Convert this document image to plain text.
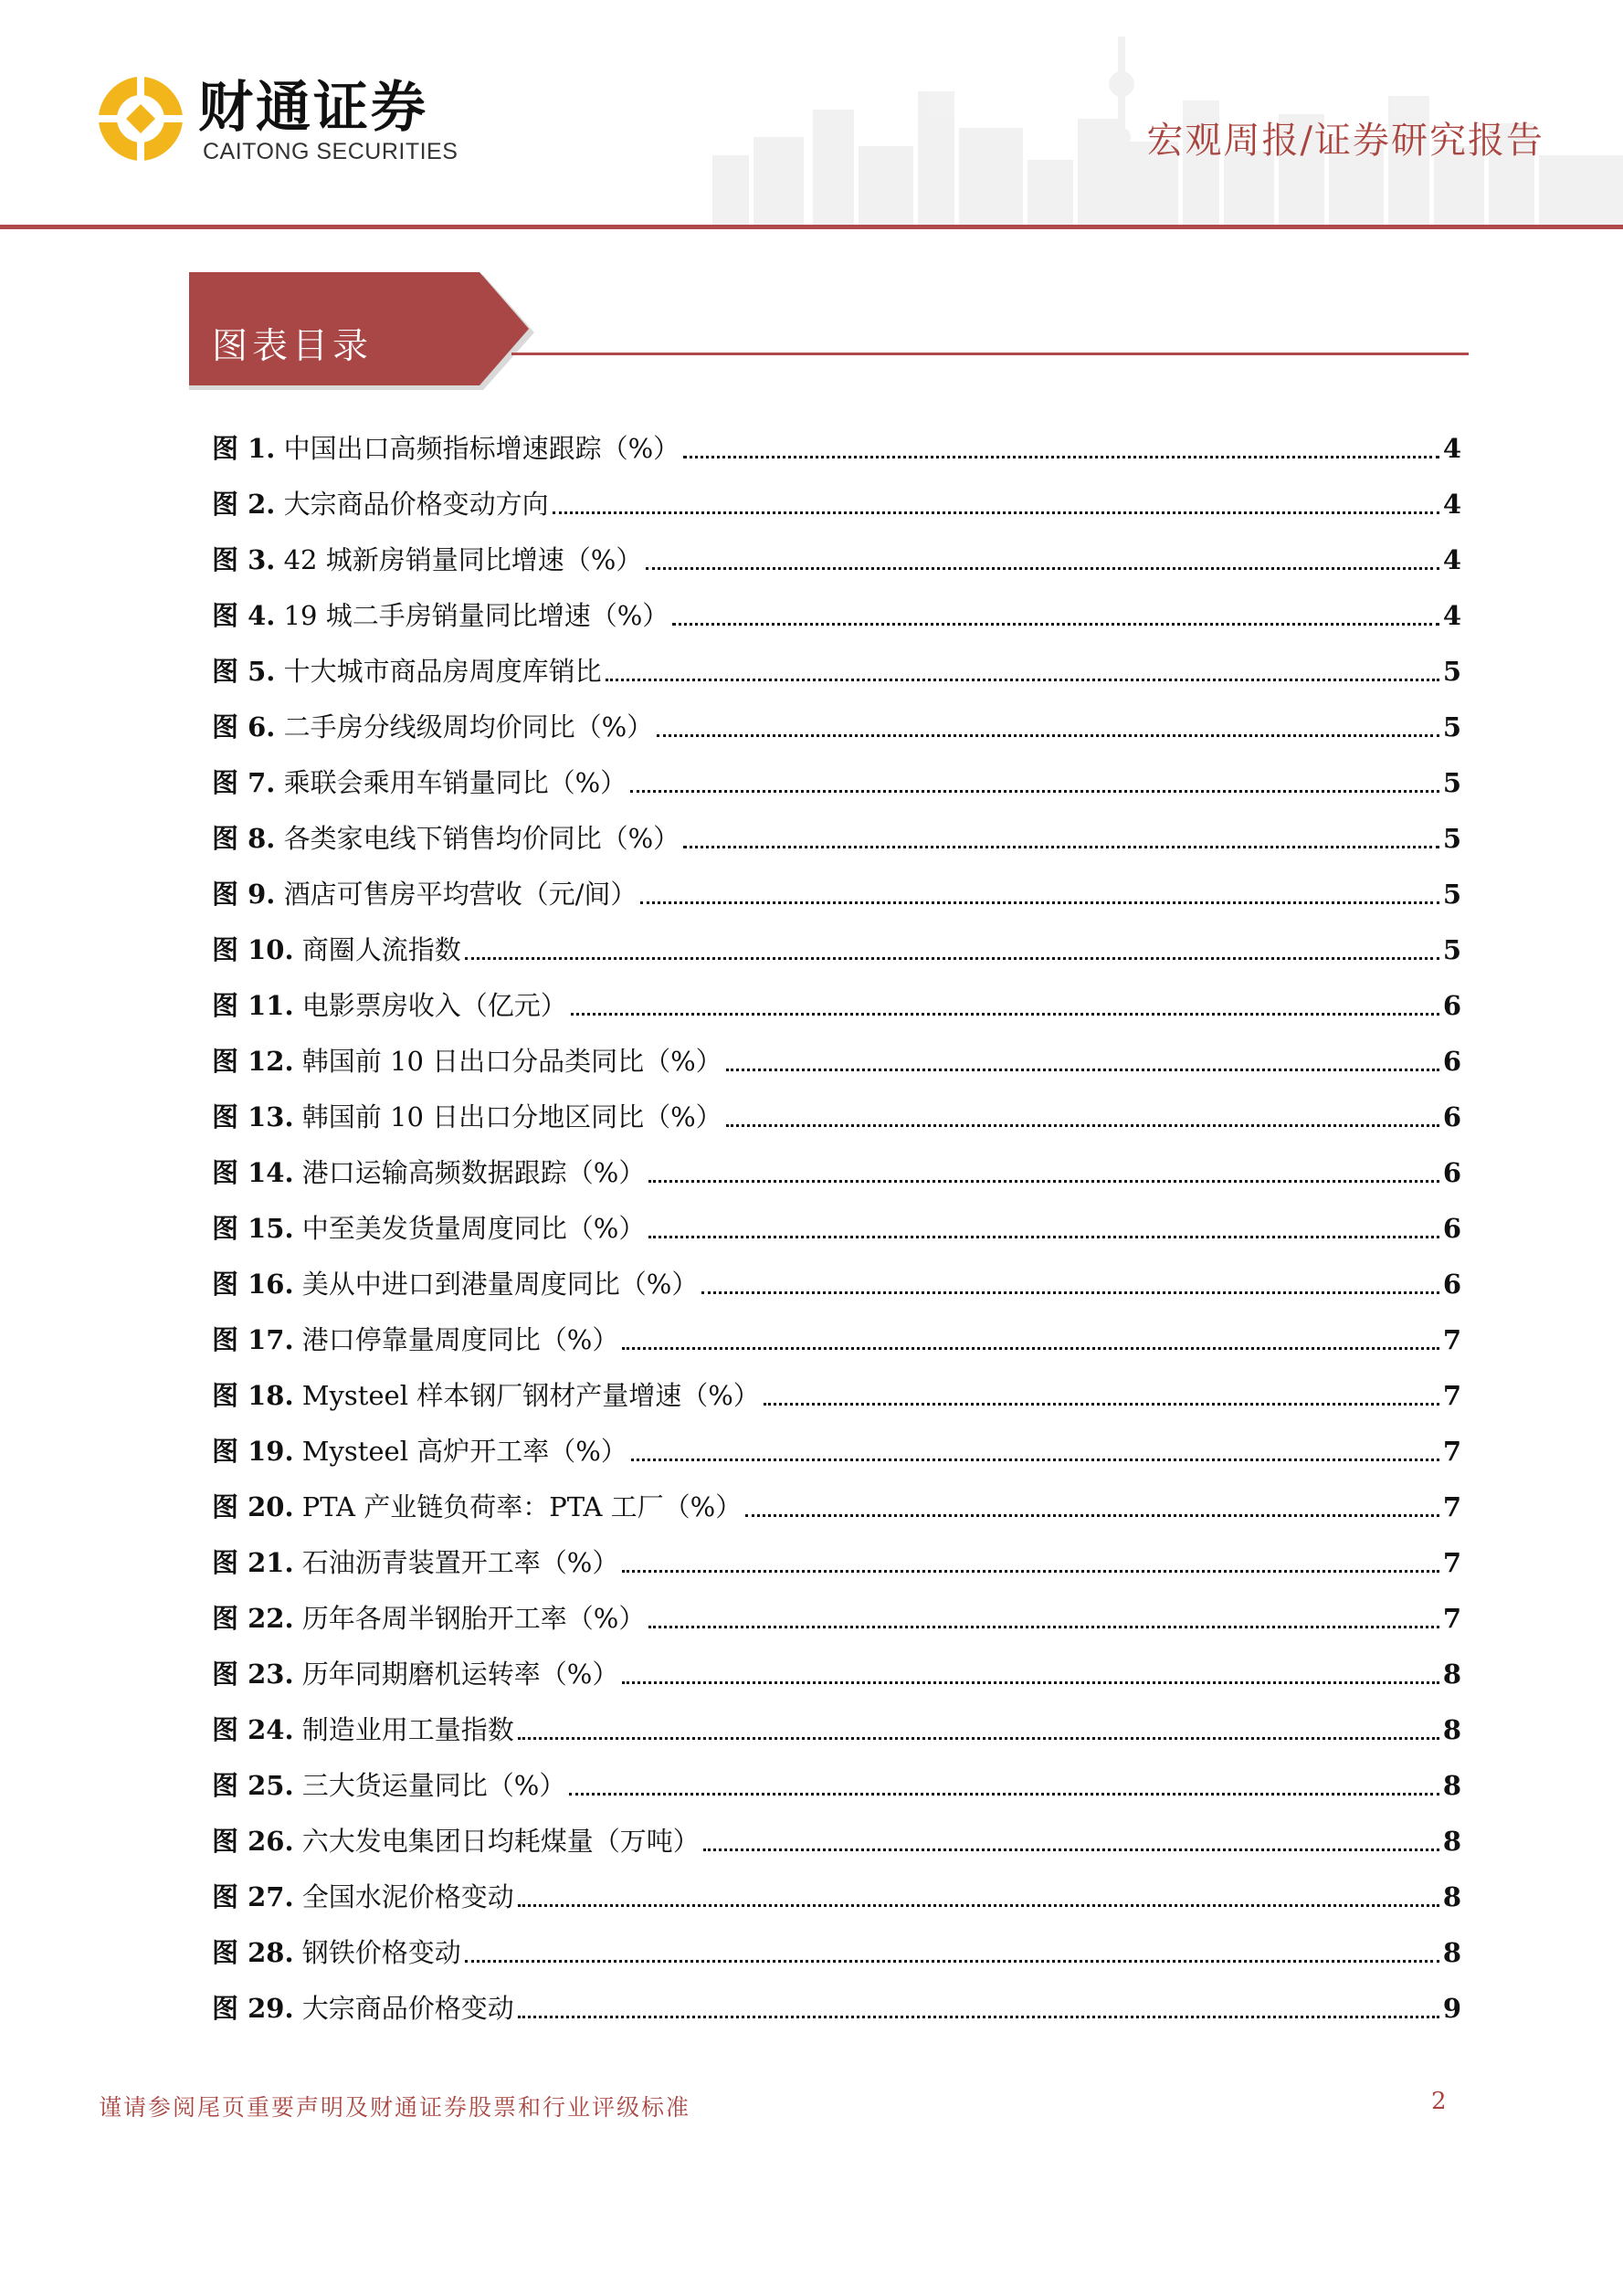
财通证券
CAITONG SECURITIES	宏观周报/证券研究报告
图表目录
图 1. 中国出口高频指标增速跟踪（%）	4
图 2. 大宗商品价格变动方向	4
图 3. 42 城新房销量同比增速（%）	4
图 4. 19 城二手房销量同比增速（%）	4
图 5. 十大城市商品房周度库销比	5
图 6. 二手房分线级周均价同比（%）	5
图 7. 乘联会乘用车销量同比（%）	5
图 8. 各类家电线下销售均价同比（%）	5
图 9. 酒店可售房平均营收（元/间）	5
图 10. 商圈人流指数	5
图 11. 电影票房收入（亿元）	6
图 12. 韩国前 10 日出口分品类同比（%）	6
图 13. 韩国前 10 日出口分地区同比（%）	6
图 14. 港口运输高频数据跟踪（%）	6
图 15. 中至美发货量周度同比（%）	6
图 16. 美从中进口到港量周度同比（%）	6
图 17. 港口停靠量周度同比（%）	7
图 18. Mysteel 样本钢厂钢材产量增速（%）	7
图 19. Mysteel 高炉开工率（%）	7
图 20. PTA 产业链负荷率：PTA 工厂（%）	7
图 21. 石油沥青装置开工率（%）	7
图 22. 历年各周半钢胎开工率（%）	7
图 23. 历年同期磨机运转率（%）	8
图 24. 制造业用工量指数	8
图 25. 三大货运量同比（%）	8
图 26. 六大发电集团日均耗煤量（万吨）	8
图 27. 全国水泥价格变动	8
图 28. 钢铁价格变动	8
图 29. 大宗商品价格变动	9
谨请参阅尾页重要声明及财通证券股票和行业评级标准	2
